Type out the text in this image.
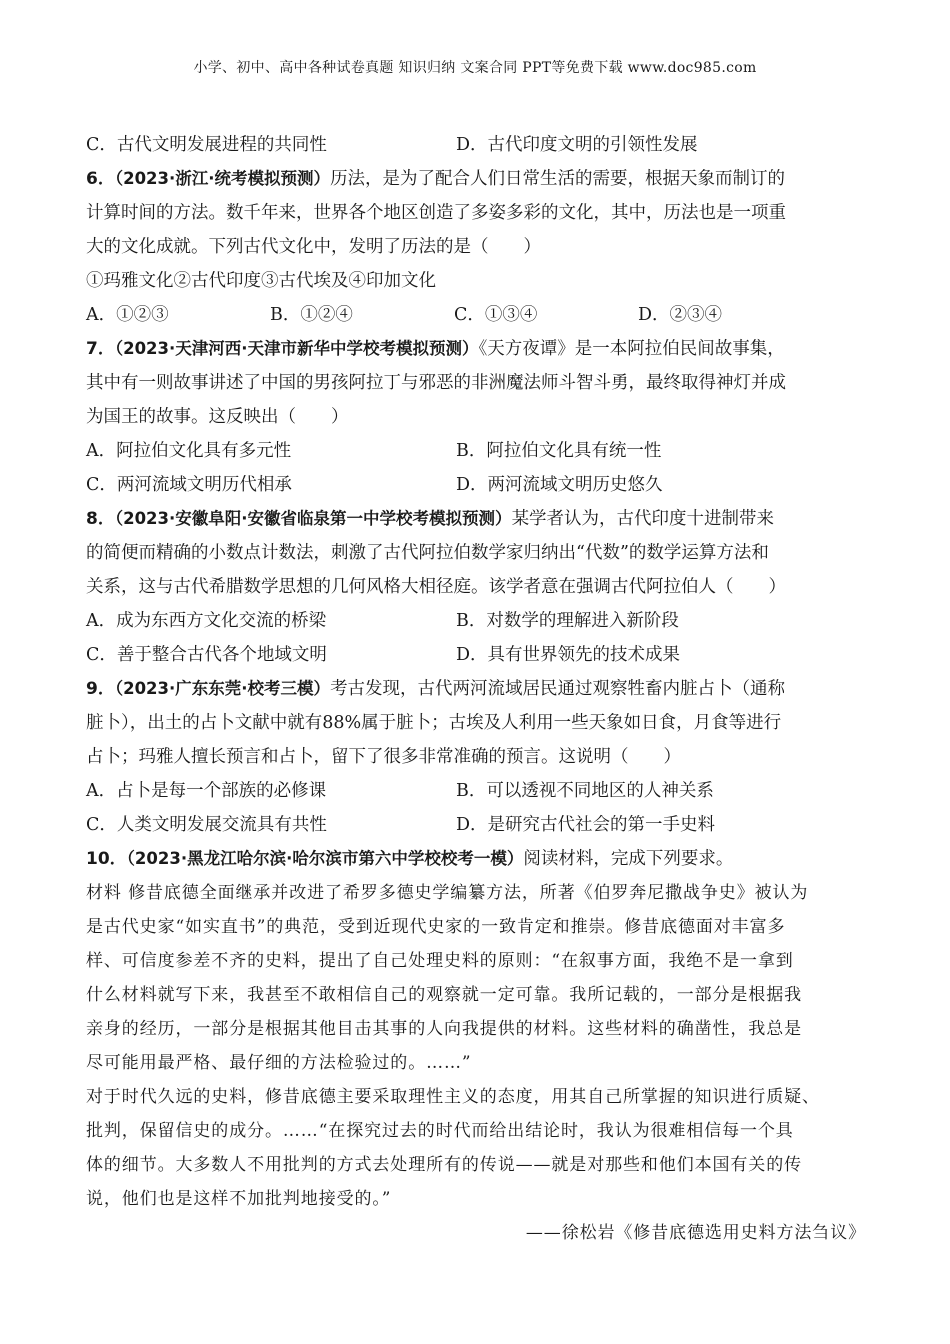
小学、初中、高中各种试卷真题 知识归纳 文案合同 PPT等免费下载 www.doc985.com
C．古代文明发展进程的共同性	D．古代印度文明的引领性发展
6．（2023·浙江·统考模拟预测）历法，是为了配合人们日常生活的需要，根据天象而制订的
计算时间的方法。数千年来，世界各个地区创造了多姿多彩的文化，其中，历法也是一项重
大的文化成就。下列古代文化中，发明了历法的是（　　）
①玛雅文化②古代印度③古代埃及④印加文化
A．①②③	B．①②④	C．①③④	D．②③④
7．（2023·天津河西·天津市新华中学校考模拟预测）《天方夜谭》是一本阿拉伯民间故事集，
其中有一则故事讲述了中国的男孩阿拉丁与邪恶的非洲魔法师斗智斗勇，最终取得神灯并成
为国王的故事。这反映出（　　）
A．阿拉伯文化具有多元性	B．阿拉伯文化具有统一性
C．两河流域文明历代相承	D．两河流域文明历史悠久
8．（2023·安徽阜阳·安徽省临泉第一中学校考模拟预测）某学者认为，古代印度十进制带来
的简便而精确的小数点计数法，刺激了古代阿拉伯数学家归纳出“代数”的数学运算方法和
关系，这与古代希腊数学思想的几何风格大相径庭。该学者意在强调古代阿拉伯人（　　）
A．成为东西方文化交流的桥梁	B．对数学的理解进入新阶段
C．善于整合古代各个地域文明	D．具有世界领先的技术成果
9．（2023·广东东莞·校考三模）考古发现，古代两河流域居民通过观察牲畜内脏占卜（通称
脏卜），出土的占卜文献中就有88%属于脏卜；古埃及人利用一些天象如日食，月食等进行
占卜；玛雅人擅长预言和占卜，留下了很多非常准确的预言。这说明（　　）
A．占卜是每一个部族的必修课	B．可以透视不同地区的人神关系
C．人类文明发展交流具有共性	D．是研究古代社会的第一手史料
10．（2023·黑龙江哈尔滨·哈尔滨市第六中学校校考一模）阅读材料，完成下列要求。
材料 修昔底德全面继承并改进了希罗多德史学编纂方法，所著《伯罗奔尼撒战争史》被认为
是古代史家“如实直书”的典范，受到近现代史家的一致肯定和推崇。修昔底德面对丰富多
样、可信度参差不齐的史料，提出了自己处理史料的原则：“在叙事方面，我绝不是一拿到
什么材料就写下来，我甚至不敢相信自己的观察就一定可靠。我所记载的，一部分是根据我
亲身的经历，一部分是根据其他目击其事的人向我提供的材料。这些材料的确凿性，我总是
尽可能用最严格、最仔细的方法检验过的。……”
对于时代久远的史料，修昔底德主要采取理性主义的态度，用其自己所掌握的知识进行质疑、
批判，保留信史的成分。……“在探究过去的时代而给出结论时，我认为很难相信每一个具
体的细节。大多数人不用批判的方式去处理所有的传说——就是对那些和他们本国有关的传
说，他们也是这样不加批判地接受的。”
——徐松岩《修昔底德选用史料方法刍议》
